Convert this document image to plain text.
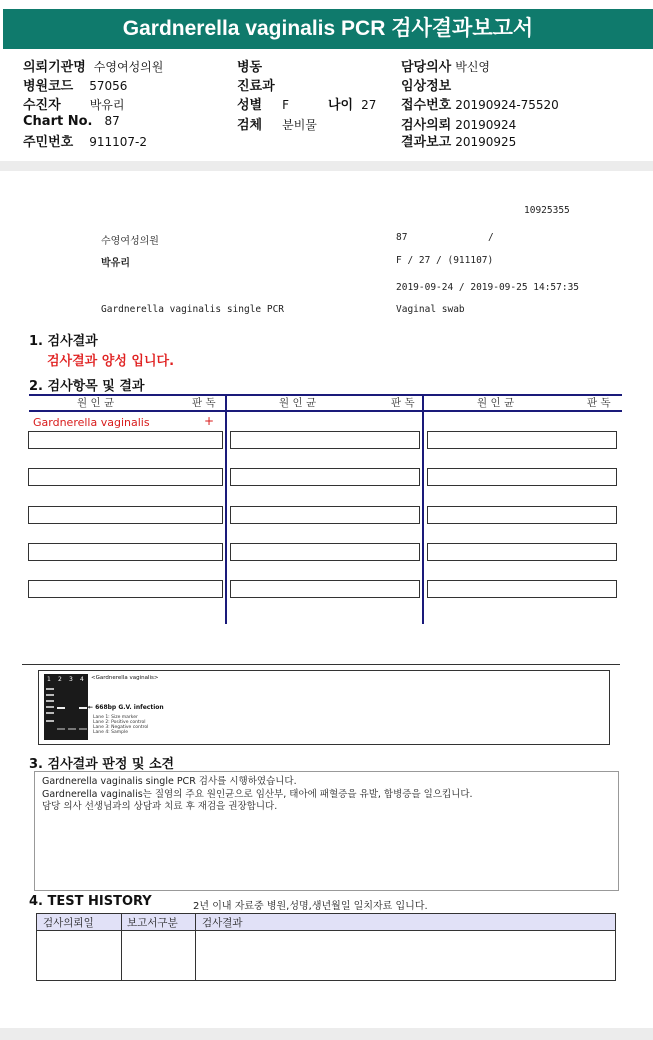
Gardnerella vaginalis PCR 검사결과보고서
의뢰기관명 수영여성의원
병원코드 57056
수진자 박유리
Chart No. 87
주민번호 911107-2
병동
진료과
성별 F	나이 27
검체 분비물
담당의사 박신영
임상정보
접수번호 20190924-75520
검사의뢰 20190924
결과보고 20190925
10925355
수영여성의원	87	/
박유리	F / 27 / (911107)
2019-09-24 / 2019-09-25 14:57:35
Gardnerella vaginalis single PCR	Vaginal swab
1. 검사결과
검사결과 양성 입니다.
2. 검사항목 및 결과
원 인 균	판 독	원 인 균	판 독	원 인 균	판 독
Gardnerella vaginalis	+
1 2 3 4 <Gardnerella vaginalis>
← 668bp G.V. infection
Lane 1: Size marker
Lane 2: Positive control
Lane 3: Negative control
Lane 4: Sample
3. 검사결과 판정 및 소견
Gardnerella vaginalis single PCR 검사를 시행하였습니다.
Gardnerella vaginalis는 질염의 주요 원인균으로 임산부, 태아에 패혈증을 유발, 합병증을 일으킵니다.
담당 의사 선생님과의 상담과 치료 후 재검을 권장합니다.
4. TEST HISTORY	2년 이내 자료중 병원,성명,생년월일 일치자료 입니다.
검사의뢰일	보고서구분 검사결과
